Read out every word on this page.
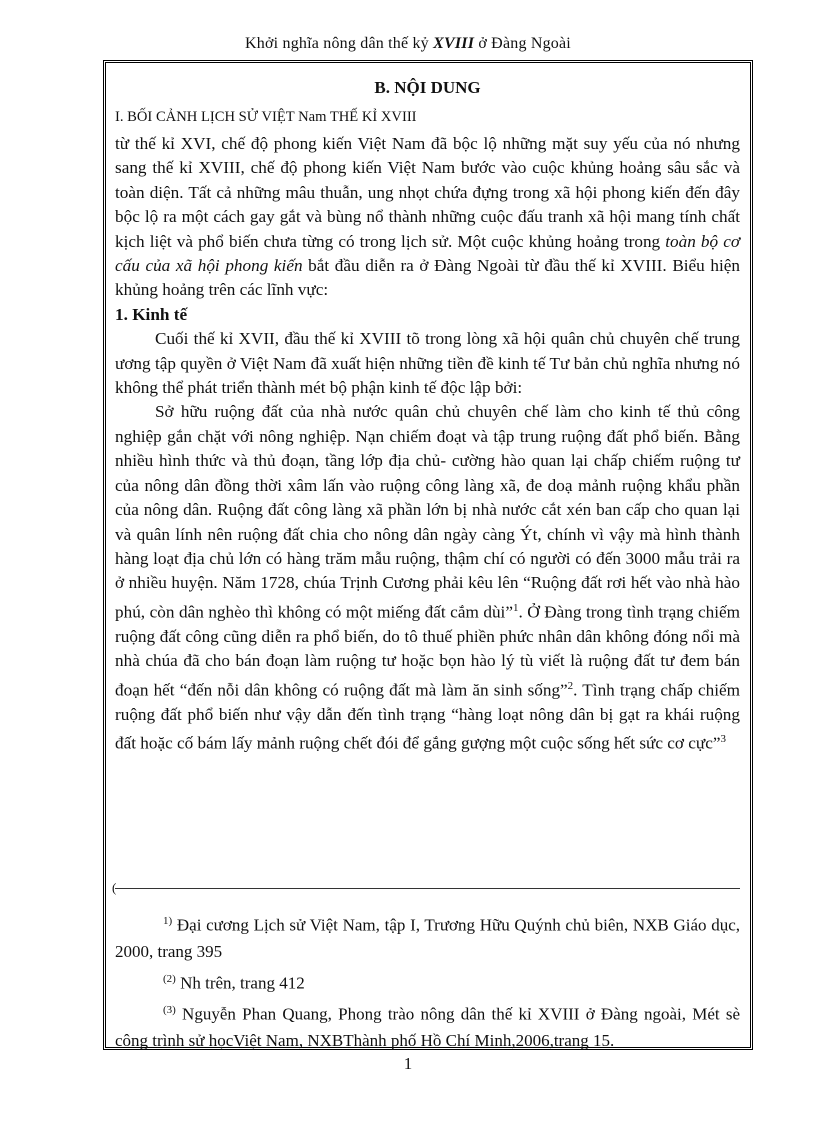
Khởi nghĩa nông dân thế kỷ XVIII ở Đàng Ngoài
B. NỘI DUNG
I. BỐI CẢNH LỊCH SỬ VIỆT Nam THẾ KỈ XVIII

từ thế kỉ XVI, chế độ phong kiến Việt Nam đã bộc lộ những mặt suy yếu của nó nhưng sang thế kỉ XVIII, chế độ phong kiến Việt Nam bước vào cuộc khủng hoảng sâu sắc và toàn diện. Tất cả những mâu thuẫn, ung nhọt chứa đựng trong xã hội phong kiến đến đây bộc lộ ra một cách gay gắt và bùng nổ thành những cuộc đấu tranh xã hội mang tính chất kịch liệt và phổ biến chưa từng có trong lịch sử. Một cuộc khủng hoảng trong toàn bộ cơ cấu của xã hội phong kiến bắt đầu diễn ra ở Đàng Ngoài từ đầu thế kỉ XVIII. Biểu hiện khủng hoảng trên các lĩnh vực:

1. Kinh tế

Cuối thế kỉ XVII, đầu thế kỉ XVIII tõ trong lòng xã hội quân chủ chuyên chế trung ương tập quyền ở Việt Nam đã xuất hiện những tiền đề kinh tế Tư bản chủ nghĩa nhưng nó không thể phát triển thành mét bộ phận kinh tế độc lập bởi:

Sở hữu ruộng đất của nhà nước quân chủ chuyên chế làm cho kinh tế thủ công nghiệp gắn chặt với nông nghiệp. Nạn chiếm đoạt và tập trung ruộng đất phổ biến. Bằng nhiều hình thức và thủ đoạn, tầng lớp địa chủ- cường hào quan lại chấp chiếm ruộng tư của nông dân đồng thời xâm lấn vào ruộng công làng xã, đe doạ mảnh ruộng khẩu phần của nông dân. Ruộng đất công làng xã phần lớn bị nhà nước cắt xén ban cấp cho quan lại và quân lính nên ruộng đất chia cho nông dân ngày càng Ýt, chính vì vậy mà hình thành hàng loạt địa chủ lớn có hàng trăm mẫu ruộng, thậm chí có người có đến 3000 mẫu trải ra ở nhiều huyện. Năm 1728, chúa Trịnh Cương phải kêu lên “Ruộng đất rơi hết vào nhà hào phú, còn dân nghèo thì không có một miếng đất cắm dùi”$^1$. Ở Đàng trong tình trạng chiếm ruộng đất công cũng diễn ra phổ biến, do tô thuế phiền phức nhân dân không đóng nổi mà nhà chúa đã cho bán đoạn làm ruộng tư hoặc bọn hào lý tù viết là ruộng đất tư đem bán đoạn hết “đến nỗi dân không có ruộng đất mà làm ăn sinh sống”$^2$. Tình trạng chấp chiếm ruộng đất phổ biến như vậy dẫn đến tình trạng “hàng loạt nông dân bị gạt ra khái ruộng đất hoặc cố bám lấy mảnh ruộng chết đói để gắng gượng một cuộc sống hết sức cơ cực”$^3$

(

$^{1)}$ Đại cương Lịch sử Việt Nam, tập I, Trương Hữu Quýnh chủ biên, NXB Giáo dục, 2000, trang 395

$^{(2)}$ Nh trên, trang 412

$^{(3)}$ Nguyễn Phan Quang, Phong trào nông dân thế kỉ XVIII ở Đàng ngoài, Mét sè công trình sử họcViệt Nam, NXBThành phố Hồ Chí Minh,2006,trang 15.

1
